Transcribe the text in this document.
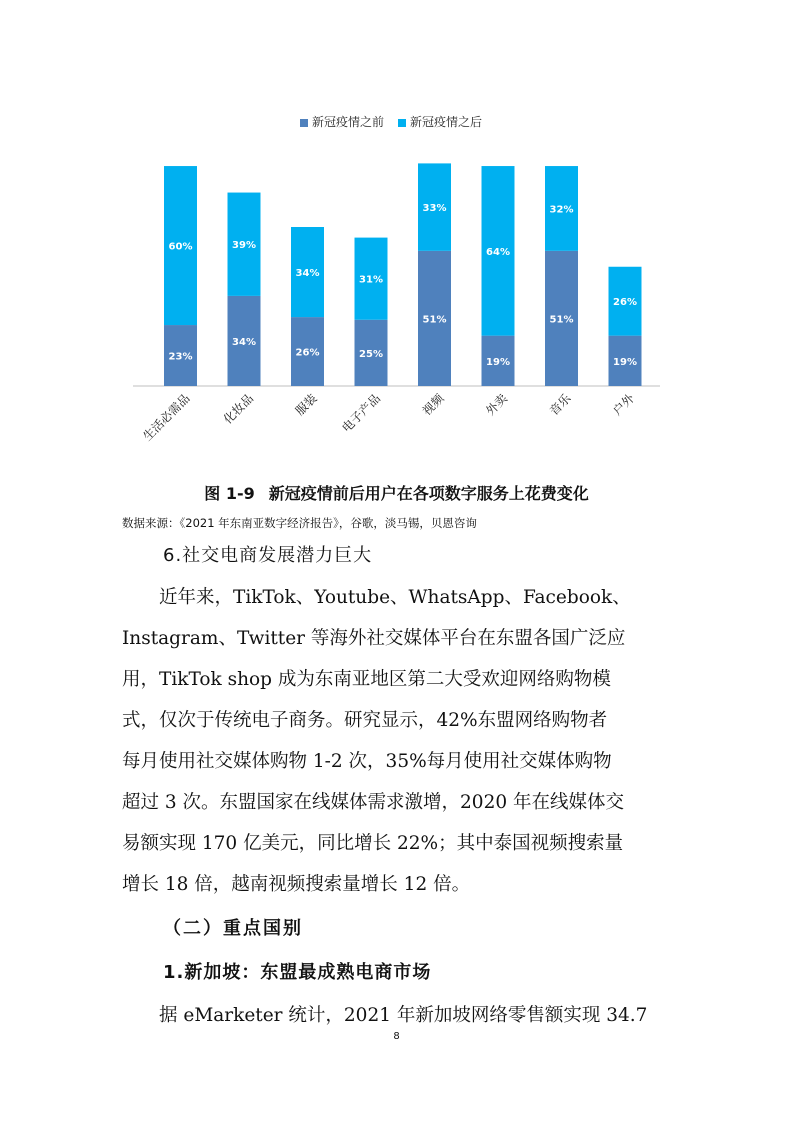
23%
60%
34%
39%
26%
34%
25%
31%
51%
33%
19%
64%
51%
32%
19%
26%
生活必需品 化妆品	服装 电子产品	视频	外卖	音乐	户外
新冠疫情之前	新冠疫情之后
图 1-9 新冠疫情前后用户在各项数字服务上花费变化
数据来源：《2021 年东南亚数字经济报告》，谷歌，淡马锡，贝恩咨询
6.社交电商发展潜力巨大
　　近年来，TikTok、Youtube、WhatsApp、Facebook、
Instagram、Twitter 等海外社交媒体平台在东盟各国广泛应
用，TikTok shop 成为东南亚地区第二大受欢迎网络购物模
式，仅次于传统电子商务。研究显示，42%东盟网络购物者
每月使用社交媒体购物 1-2 次，35%每月使用社交媒体购物
超过 3 次。东盟国家在线媒体需求激增，2020 年在线媒体交
易额实现 170 亿美元，同比增长 22%；其中泰国视频搜索量
增长 18 倍，越南视频搜索量增长 12 倍。
（二）重点国别
1.新加坡：东盟最成熟电商市场
　　据 eMarketer 统计，2021 年新加坡网络零售额实现 34.7
8
